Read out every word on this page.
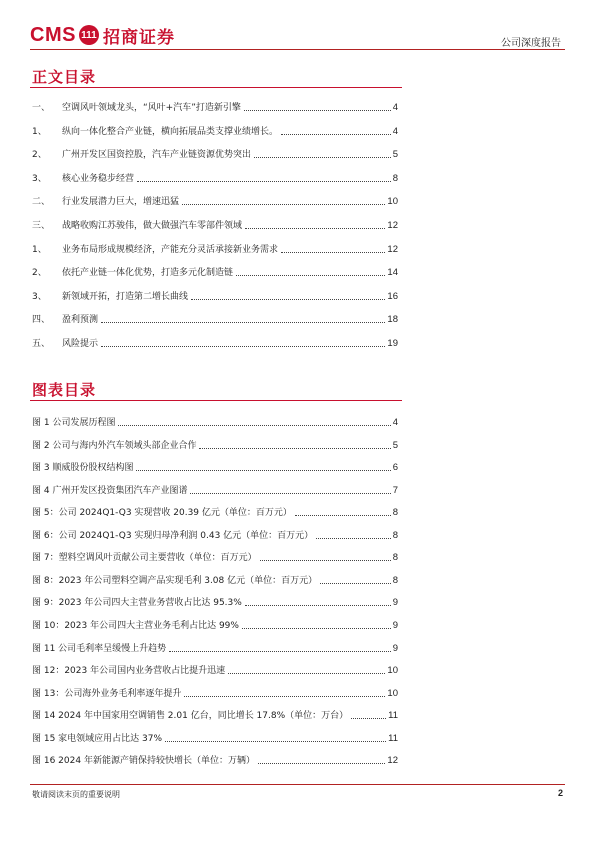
CMS 111 招商证券	公司深度报告
正文目录
一、	空调风叶领域龙头，“风叶+汽车”打造新引擎	4
1、	纵向一体化整合产业链，横向拓展品类支撑业绩增长。	4
2、	广州开发区国资控股，汽车产业链资源优势突出	5
3、	核心业务稳步经营	8
二、	行业发展潜力巨大，增速迅猛	10
三、	战略收购江苏骏伟，做大做强汽车零部件领域	12
1、	业务布局形成规模经济，产能充分灵活承接新业务需求	12
2、	依托产业链一体化优势，打造多元化制造链	14
3、	新领域开拓，打造第二增长曲线	16
四、	盈利预测	18
五、	风险提示	19
图表目录
图 1 公司发展历程图	4
图 2 公司与海内外汽车领域头部企业合作	5
图 3 顺威股份股权结构图	6
图 4 广州开发区投资集团汽车产业图谱	7
图 5：公司 2024Q1-Q3 实现营收 20.39 亿元（单位：百万元）	8
图 6：公司 2024Q1-Q3 实现归母净利润 0.43 亿元（单位：百万元）	8
图 7：塑料空调风叶贡献公司主要营收（单位：百万元）	8
图 8：2023 年公司塑料空调产品实现毛利 3.08 亿元（单位：百万元）	8
图 9：2023 年公司四大主营业务营收占比达 95.3%	9
图 10：2023 年公司四大主营业务毛利占比达 99%	9
图 11 公司毛利率呈缓慢上升趋势	9
图 12：2023 年公司国内业务营收占比提升迅速	10
图 13：公司海外业务毛利率逐年提升	10
图 14 2024 年中国家用空调销售 2.01 亿台，同比增长 17.8%（单位：万台）	11
图 15 家电领域应用占比达 37%	11
图 16 2024 年新能源产销保持较快增长（单位：万辆）	12
敬请阅读末页的重要说明	2
